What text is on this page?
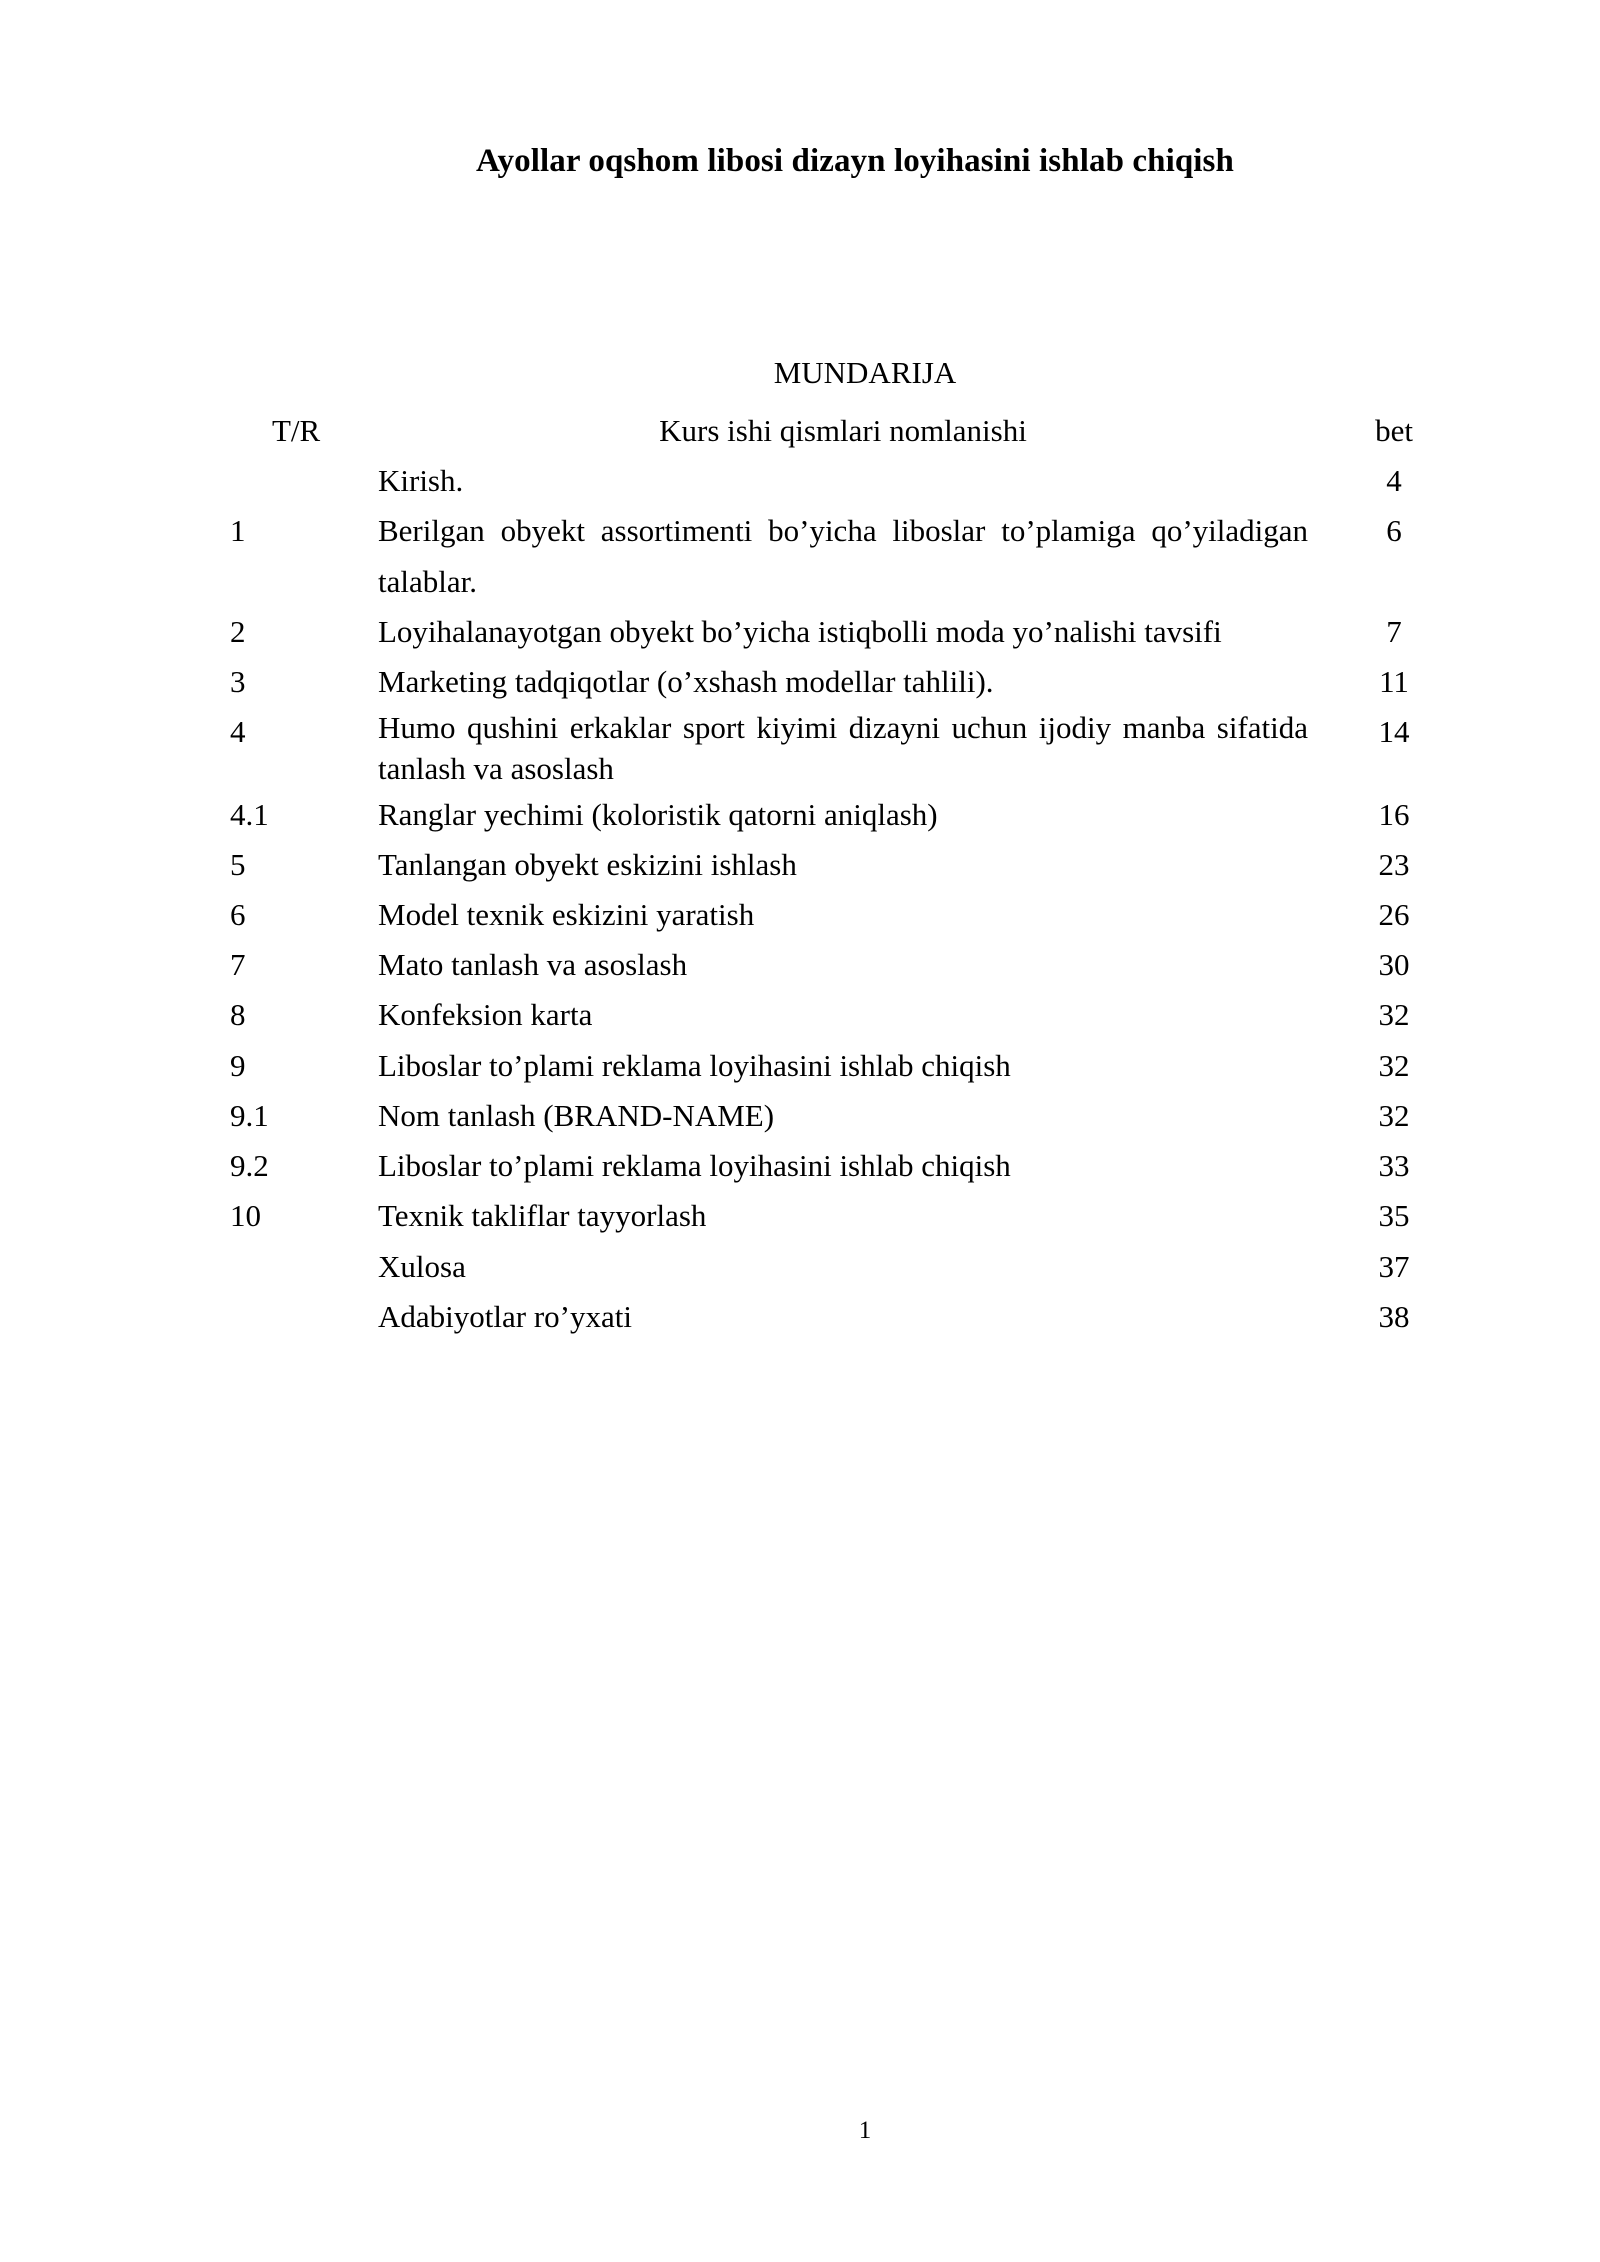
Ayollar oqshom libosi dizayn loyihasini ishlab chiqish
MUNDARIJA
T/R	Kurs ishi qismlari nomlanishi	bet

	Kirish.	4
1	Berilgan obyekt assortimenti bo’yicha liboslar to’plamiga qo’yiladigan talablar.	6
2	Loyihalanayotgan obyekt bo’yicha istiqbolli moda yo’nalishi tavsifi	7
3	Marketing tadqiqotlar (o’xshash modellar tahlili).	11
4	Humo qushini erkaklar sport kiyimi dizayni uchun ijodiy manba sifatida tanlash va asoslash	14
4.1	Ranglar yechimi (koloristik qatorni aniqlash)	16
5	Tanlangan obyekt eskizini ishlash	23
6	Model texnik eskizini yaratish	26
7	Mato tanlash va asoslash	30
8	Konfeksion karta	32
9	Liboslar to’plami reklama loyihasini ishlab chiqish	32
9.1	Nom tanlash (BRAND-NAME)	32
9.2	Liboslar to’plami reklama loyihasini ishlab chiqish	33
10	Texnik takliflar tayyorlash	35

	Xulosa	37

	Adabiyotlar ro’yxati	38
1
